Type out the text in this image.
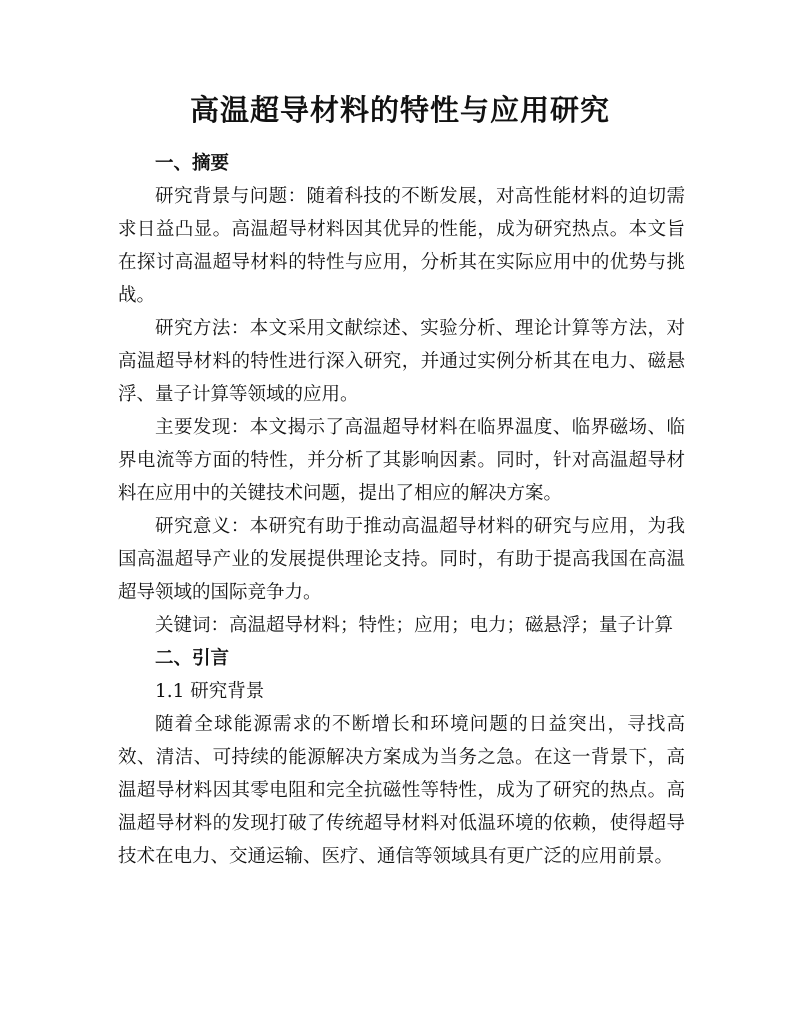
高温超导材料的特性与应用研究

一、摘要

研究背景与问题：随着科技的不断发展，对高性能材料的迫切需求日益凸显。高温超导材料因其优异的性能，成为研究热点。本文旨在探讨高温超导材料的特性与应用，分析其在实际应用中的优势与挑战。

研究方法：本文采用文献综述、实验分析、理论计算等方法，对高温超导材料的特性进行深入研究，并通过实例分析其在电力、磁悬浮、量子计算等领域的应用。

主要发现：本文揭示了高温超导材料在临界温度、临界磁场、临界电流等方面的特性，并分析了其影响因素。同时，针对高温超导材料在应用中的关键技术问题，提出了相应的解决方案。

研究意义：本研究有助于推动高温超导材料的研究与应用，为我国高温超导产业的发展提供理论支持。同时，有助于提高我国在高温超导领域的国际竞争力。

关键词：高温超导材料；特性；应用；电力；磁悬浮；量子计算

二、引言

1.1 研究背景

随着全球能源需求的不断增长和环境问题的日益突出，寻找高效、清洁、可持续的能源解决方案成为当务之急。在这一背景下，高温超导材料因其零电阻和完全抗磁性等特性，成为了研究的热点。高温超导材料的发现打破了传统超导材料对低温环境的依赖，使得超导技术在电力、交通运输、医疗、通信等领域具有更广泛的应用前景。
